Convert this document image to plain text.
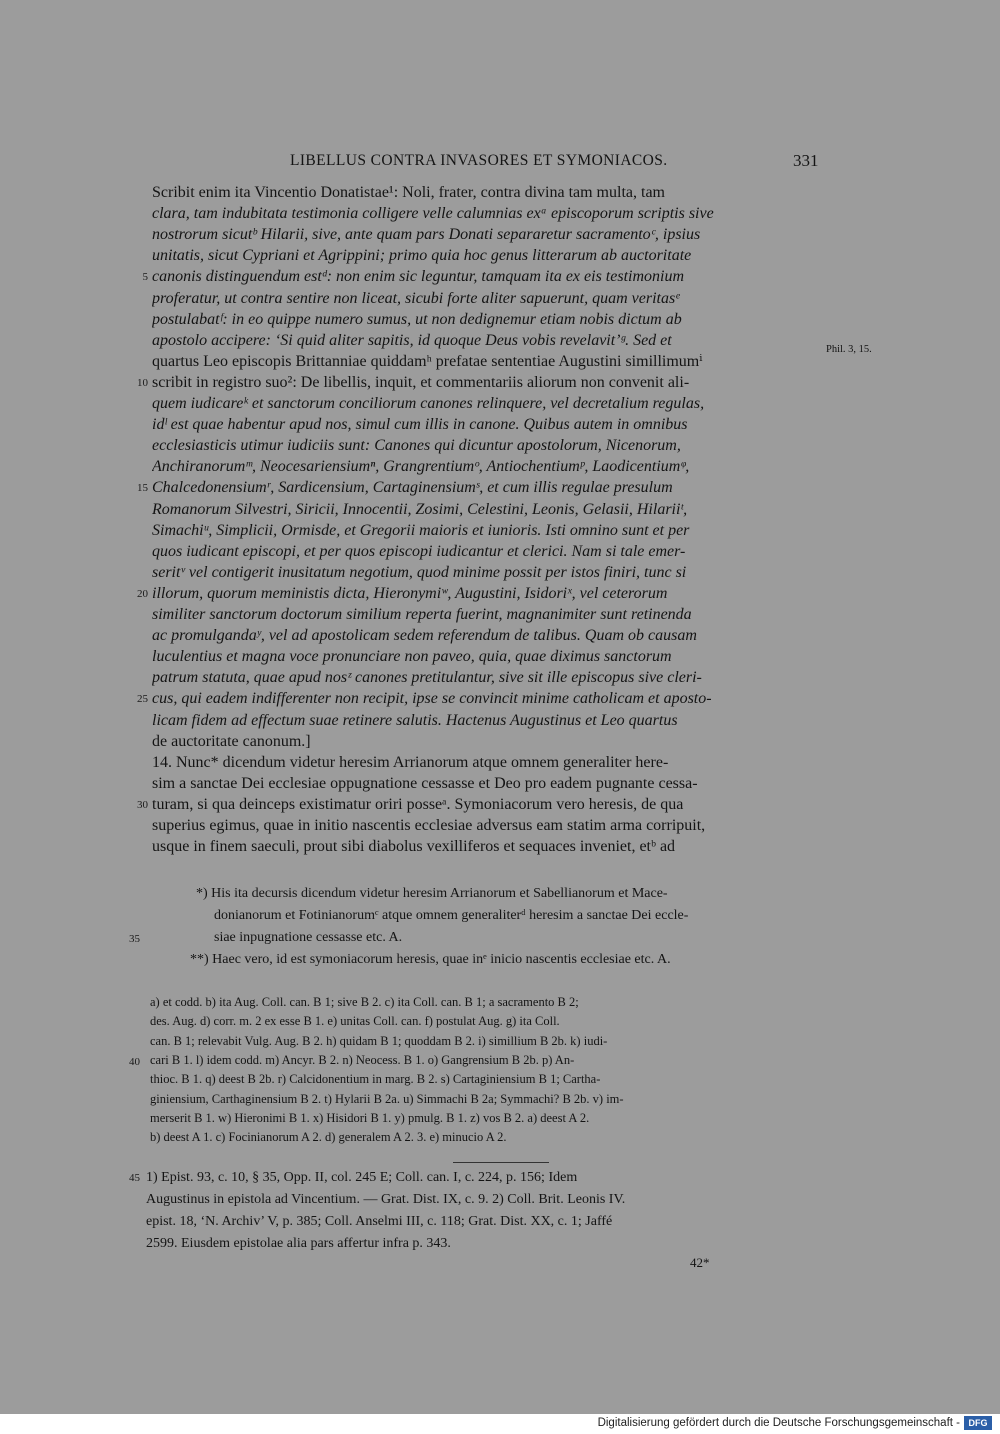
LIBELLUS CONTRA INVASORES ET SYMONIACOS.	331
Scribit enim ita Vincentio Donatistae¹: Noli, frater, contra divina tam multa, tam
clara, tam indubitata testimonia colligere velle calumnias exᵃ episcoporum scriptis sive
nostrorum sicutᵇ Hilarii, sive, ante quam pars Donati separaretur sacramentoᶜ, ipsius
unitatis, sicut Cypriani et Agrippini; primo quia hoc genus litterarum ab auctoritate
canonis distinguendum estᵈ: non enim sic leguntur, tamquam ita ex eis testimonium
5
proferatur, ut contra sentire non liceat, sicubi forte aliter sapuerunt, quam veritasᵉ
postulabatᶠ: in eo quippe numero sumus, ut non dedignemur etiam nobis dictum ab
apostolo accipere: ‘Si quid aliter sapitis, id quoque Deus vobis revelavit’ᵍ. Sed et
quartus Leo episcopis Brittanniae quiddamʰ prefatae sententiae Augustini simillimumⁱ
scribit in registro suo²: De libellis, inquit, et commentariis aliorum non convenit ali-
10
quem iudicareᵏ et sanctorum conciliorum canones relinquere, vel decretalium regulas,
idˡ est quae habentur apud nos, simul cum illis in canone. Quibus autem in omnibus
ecclesiasticis utimur iudiciis sunt: Canones qui dicuntur apostolorum, Nicenorum,
Anchiranorumᵐ, Neocesariensiumⁿ, Grangrentiumᵒ, Antiochentiumᵖ, Laodicentiumᵠ,
Chalcedonensiumʳ, Sardicensium, Cartaginensiumˢ, et cum illis regulae presulum
15
Romanorum Silvestri, Siricii, Innocentii, Zosimi, Celestini, Leonis, Gelasii, Hilariiᵗ,
Simachiᵘ, Simplicii, Ormisde, et Gregorii maioris et iunioris. Isti omnino sunt et per
quos iudicant episcopi, et per quos episcopi iudicantur et clerici. Nam si tale emer-
seritᵛ vel contigerit inusitatum negotium, quod minime possit per istos finiri, tunc si
illorum, quorum meministis dicta, Hieronymiʷ, Augustini, Isidoriˣ, vel ceterorum
20
similiter sanctorum doctorum similium reperta fuerint, magnanimiter sunt retinenda
ac promulgandaʸ, vel ad apostolicam sedem referendum de talibus. Quam ob causam
luculentius et magna voce pronunciare non paveo, quia, quae diximus sanctorum
patrum statuta, quae apud nosᶻ canones pretitulantur, sive sit ille episcopus sive cleri-
cus, qui eadem indifferenter non recipit, ipse se convincit minime catholicam et aposto-
25
licam fidem ad effectum suae retinere salutis. Hactenus Augustinus et Leo quartus
de auctoritate canonum.]
14. Nunc* dicendum videtur heresim Arrianorum atque omnem generaliter here-
sim a sanctae Dei ecclesiae oppugnatione cessasse et Deo pro eadem pugnante cessa-
turam, si qua deinceps existimatur oriri posseᵃ. Symoniacorum vero heresis, de qua
30
superius egimus, quae in initio nascentis ecclesiae adversus eam statim arma corripuit,
usque in finem saeculi, prout sibi diabolus vexilliferos et sequaces inveniet, etᵇ ad
Phil. 3, 15.
*) His ita decursis dicendum videtur heresim Arrianorum et Sabellianorum et Mace-
donianorum et Fotinianorumᶜ atque omnem generaliterᵈ heresim a sanctae Dei eccle-
siae inpugnatione cessasse etc. A.
35
**) Haec vero, id est symoniacorum heresis, quae inᵉ inicio nascentis ecclesiae etc. A.
a) et codd. b) ita Aug. Coll. can. B 1; sive B 2. c) ita Coll. can. B 1; a sacramento B 2;
des. Aug. d) corr. m. 2 ex esse B 1. e) unitas Coll. can. f) postulat Aug. g) ita Coll.
can. B 1; relevabit Vulg. Aug. B 2. h) quidam B 1; quoddam B 2. i) simillium B 2b. k) iudi-
cari B 1. l) idem codd. m) Ancyr. B 2. n) Neocess. B 1. o) Gangrensium B 2b. p) An-
40
thioc. B 1. q) deest B 2b. r) Calcidonentium in marg. B 2. s) Cartaginiensium B 1; Carthа-
giniensium, Carthaginensium B 2. t) Hylarii B 2a. u) Simmachi B 2a; Symmachi? B 2b. v) im-
merserit B 1. w) Hieronimi B 1. x) Hisidori B 1. y) pmulg. B 1. z) vos B 2. a) deest A 2.
b) deest A 1. c) Focinianorum A 2. d) generalem A 2. 3. e) minucio A 2.
1) Epist. 93, c. 10, § 35, Opp. II, col. 245 E; Coll. can. I, c. 224, p. 156; Idem
45
Augustinus in epistola ad Vincentium. — Grat. Dist. IX, c. 9. 2) Coll. Brit. Leonis IV.
epist. 18, ‘N. Archiv’ V, p. 385; Coll. Anselmi III, c. 118; Grat. Dist. XX, c. 1; Jaffé
2599. Eiusdem epistolae alia pars affertur infra p. 343.
42*
Digitalisierung gefördert durch die Deutsche Forschungsgemeinschaft - DFG
